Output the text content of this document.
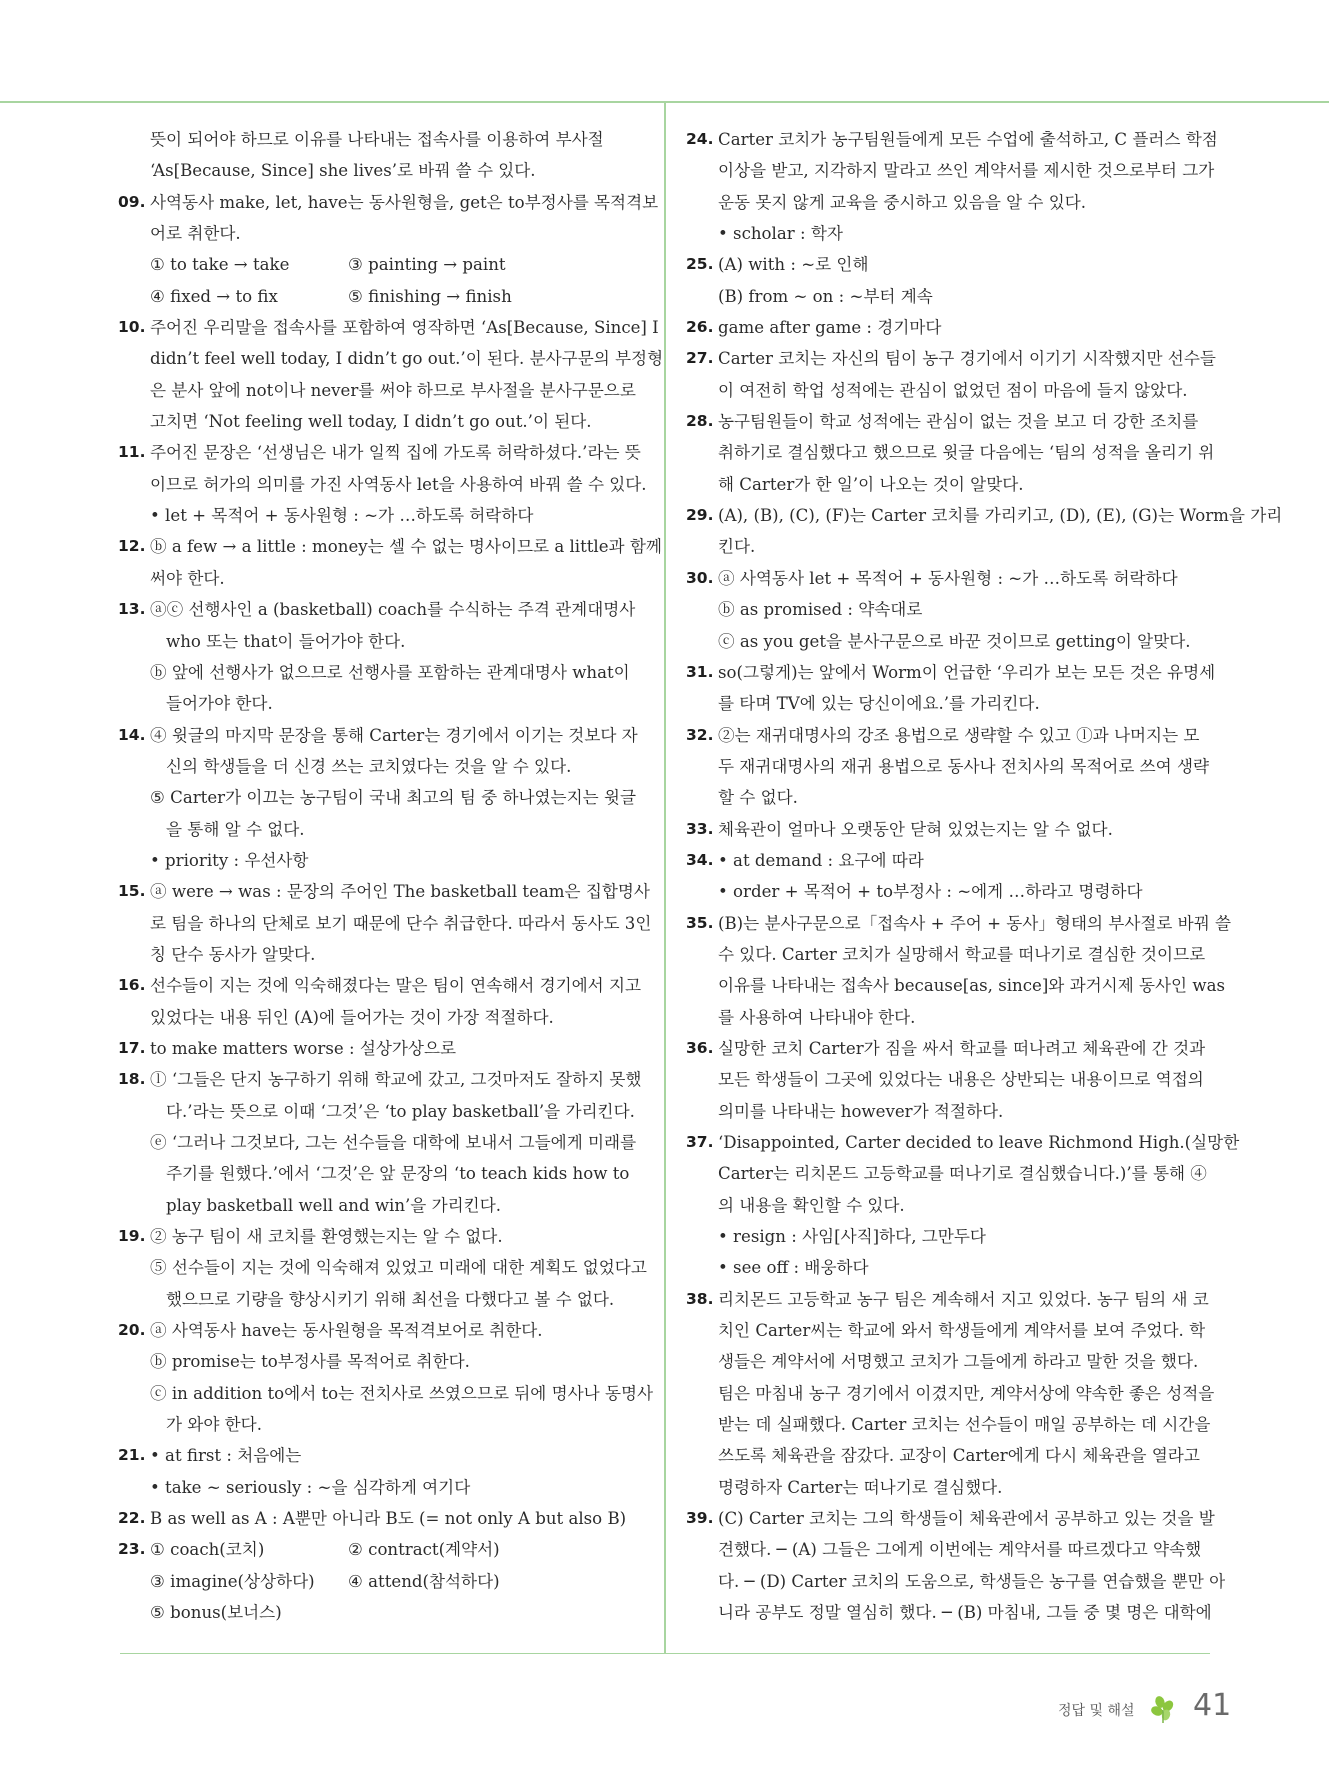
뜻이 되어야 하므로 이유를 나타내는 접속사를 이용하여 부사절
‘As[Because, Since] she lives’로 바꿔 쓸 수 있다.
09. 사역동사 make, let, have는 동사원형을, get은 to부정사를 목적격보
어로 취한다.
① to take → take	③ painting → paint
④ fixed → to fix	⑤ finishing → finish
10. 주어진 우리말을 접속사를 포함하여 영작하면 ‘As[Because, Since] I
didn’t feel well today, I didn’t go out.’이 된다. 분사구문의 부정형
은 분사 앞에 not이나 never를 써야 하므로 부사절을 분사구문으로
고치면 ‘Not feeling well today, I didn’t go out.’이 된다.
11. 주어진 문장은 ‘선생님은 내가 일찍 집에 가도록 허락하셨다.’라는 뜻
이므로 허가의 의미를 가진 사역동사 let을 사용하여 바꿔 쓸 수 있다.
• let + 목적어 + 동사원형 : ~가 …하도록 허락하다
12. ⓑ a few → a little : money는 셀 수 없는 명사이므로 a little과 함께
써야 한다.
13. ⓐⓒ 선행사인 a (basketball) coach를 수식하는 주격 관계대명사
who 또는 that이 들어가야 한다.
ⓑ 앞에 선행사가 없으므로 선행사를 포함하는 관계대명사 what이
들어가야 한다.
14. ④ 윗글의 마지막 문장을 통해 Carter는 경기에서 이기는 것보다 자
신의 학생들을 더 신경 쓰는 코치였다는 것을 알 수 있다.
⑤ Carter가 이끄는 농구팀이 국내 최고의 팀 중 하나였는지는 윗글
을 통해 알 수 없다.
• priority : 우선사항
15. ⓐ were → was : 문장의 주어인 The basketball team은 집합명사
로 팀을 하나의 단체로 보기 때문에 단수 취급한다. 따라서 동사도 3인
칭 단수 동사가 알맞다.
16. 선수들이 지는 것에 익숙해졌다는 말은 팀이 연속해서 경기에서 지고
있었다는 내용 뒤인 (A)에 들어가는 것이 가장 적절하다.
17. to make matters worse : 설상가상으로
18. ⓛ ‘그들은 단지 농구하기 위해 학교에 갔고, 그것마저도 잘하지 못했
다.’라는 뜻으로 이때 ‘그것’은 ‘to play basketball’을 가리킨다.
ⓔ ‘그러나 그것보다, 그는 선수들을 대학에 보내서 그들에게 미래를
주기를 원했다.’에서 ‘그것’은 앞 문장의 ‘to teach kids how to
play basketball well and win’을 가리킨다.
19. ② 농구 팀이 새 코치를 환영했는지는 알 수 없다.
⑤ 선수들이 지는 것에 익숙해져 있었고 미래에 대한 계획도 없었다고
했으므로 기량을 향상시키기 위해 최선을 다했다고 볼 수 없다.
20. ⓐ 사역동사 have는 동사원형을 목적격보어로 취한다.
ⓑ promise는 to부정사를 목적어로 취한다.
ⓒ in addition to에서 to는 전치사로 쓰였으므로 뒤에 명사나 동명사
가 와야 한다.
21. • at first : 처음에는
• take ~ seriously : ~을 심각하게 여기다
22. B as well as A : A뿐만 아니라 B도 (= not only A but also B)
23. ① coach(코치)	② contract(계약서)
③ imagine(상상하다) ④ attend(참석하다)
⑤ bonus(보너스)
24. Carter 코치가 농구팀원들에게 모든 수업에 출석하고, C 플러스 학점
이상을 받고, 지각하지 말라고 쓰인 계약서를 제시한 것으로부터 그가
운동 못지 않게 교육을 중시하고 있음을 알 수 있다.
• scholar : 학자
25. (A) with : ~로 인해
(B) from ~ on : ~부터 계속
26. game after game : 경기마다
27. Carter 코치는 자신의 팀이 농구 경기에서 이기기 시작했지만 선수들
이 여전히 학업 성적에는 관심이 없었던 점이 마음에 들지 않았다.
28. 농구팀원들이 학교 성적에는 관심이 없는 것을 보고 더 강한 조치를
취하기로 결심했다고 했으므로 윗글 다음에는 ‘팀의 성적을 올리기 위
해 Carter가 한 일’이 나오는 것이 알맞다.
29. (A), (B), (C), (F)는 Carter 코치를 가리키고, (D), (E), (G)는 Worm을 가리
킨다.
30. ⓐ 사역동사 let + 목적어 + 동사원형 : ~가 …하도록 허락하다
ⓑ as promised : 약속대로
ⓒ as you get을 분사구문으로 바꾼 것이므로 getting이 알맞다.
31. so(그렇게)는 앞에서 Worm이 언급한 ‘우리가 보는 모든 것은 유명세
를 타며 TV에 있는 당신이에요.’를 가리킨다.
32. ②는 재귀대명사의 강조 용법으로 생략할 수 있고 ⓛ과 나머지는 모
두 재귀대명사의 재귀 용법으로 동사나 전치사의 목적어로 쓰여 생략
할 수 없다.
33. 체육관이 얼마나 오랫동안 닫혀 있었는지는 알 수 없다.
34. • at demand : 요구에 따라
• order + 목적어 + to부정사 : ~에게 …하라고 명령하다
35. (B)는 분사구문으로「접속사 + 주어 + 동사」형태의 부사절로 바꿔 쓸
수 있다. Carter 코치가 실망해서 학교를 떠나기로 결심한 것이므로
이유를 나타내는 접속사 because[as, since]와 과거시제 동사인 was
를 사용하여 나타내야 한다.
36. 실망한 코치 Carter가 짐을 싸서 학교를 떠나려고 체육관에 간 것과
모든 학생들이 그곳에 있었다는 내용은 상반되는 내용이므로 역접의
의미를 나타내는 however가 적절하다.
37. ‘Disappointed, Carter decided to leave Richmond High.(실망한
Carter는 리치몬드 고등학교를 떠나기로 결심했습니다.)’를 통해 ④
의 내용을 확인할 수 있다.
• resign : 사임[사직]하다, 그만두다
• see off : 배웅하다
38. 리치몬드 고등학교 농구 팀은 계속해서 지고 있었다. 농구 팀의 새 코
치인 Carter씨는 학교에 와서 학생들에게 계약서를 보여 주었다. 학
생들은 계약서에 서명했고 코치가 그들에게 하라고 말한 것을 했다.
팀은 마침내 농구 경기에서 이겼지만, 계약서상에 약속한 좋은 성적을
받는 데 실패했다. Carter 코치는 선수들이 매일 공부하는 데 시간을
쓰도록 체육관을 잠갔다. 교장이 Carter에게 다시 체육관을 열라고
명령하자 Carter는 떠나기로 결심했다.
39. (C) Carter 코치는 그의 학생들이 체육관에서 공부하고 있는 것을 발
견했다. ─ (A) 그들은 그에게 이번에는 계약서를 따르겠다고 약속했
다. ─ (D) Carter 코치의 도움으로, 학생들은 농구를 연습했을 뿐만 아
니라 공부도 정말 열심히 했다. ─ (B) 마침내, 그들 중 몇 명은 대학에
정답 및 해설 41
